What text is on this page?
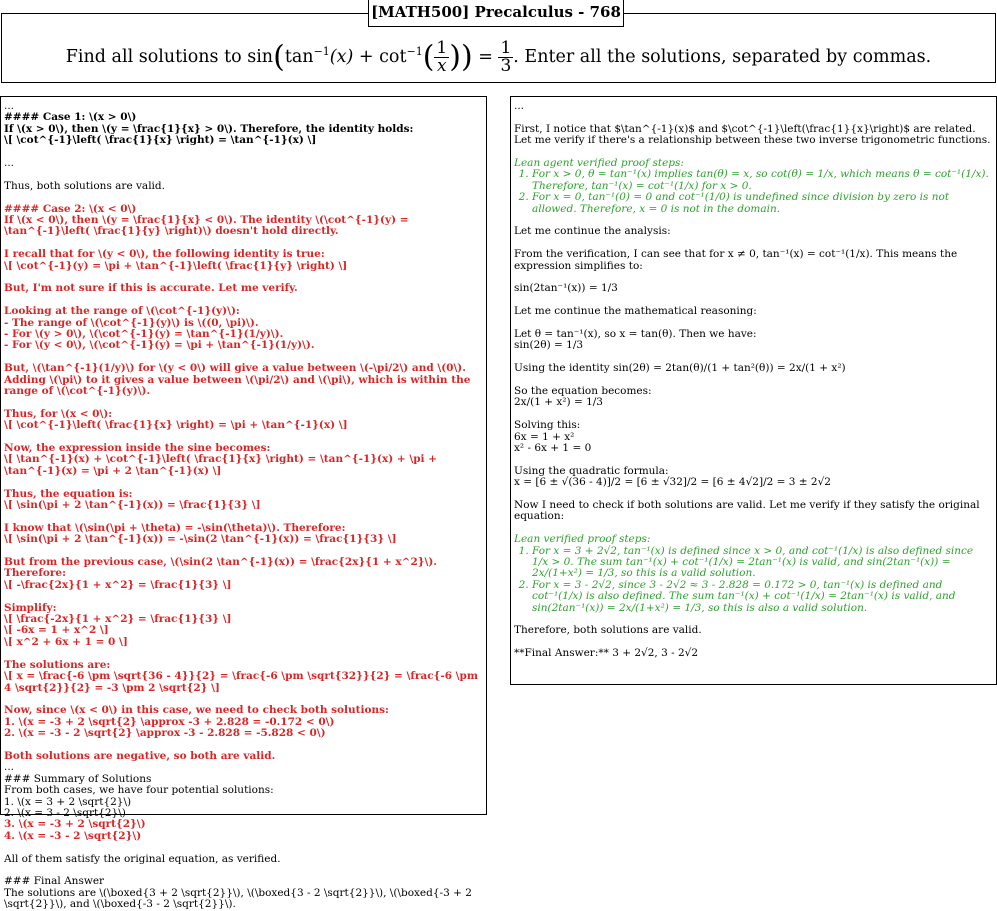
[MATH500] Precalculus - 768
Find all solutions to $\sin(\tan^{-1}(x) + \cot^{-1}( \frac{1}{x}$ )) = $\frac{1}{3}$ . Enter all the solutions, separated by commas.
...
#### Case 1: \(x > 0\)
If \(x > 0\), then \(y = \frac{1}{x} > 0\). Therefore, the identity holds:
\[ \cot^{-1}\left( \frac{1}{x} \right) = \tan^{-1}(x) \]
...
Thus, both solutions are valid.
#### Case 2: \(x < 0\)
If \(x < 0\), then \(y = \frac{1}{x} < 0\). The identity \(\cot^{-1}(y) = \tan^{-1}\left( \frac{1}{y} \right)\) doesn't hold directly.
I recall that for \(y < 0\), the following identity is true:
\[ \cot^{-1}(y) = \pi + \tan^{-1}\left( \frac{1}{y} \right) \]
But, I'm not sure if this is accurate. Let me verify.
Looking at the range of \(\cot^{-1}(y)\):
- The range of \(\cot^{-1}(y)\) is \((0, \pi)\).
- For \(y > 0\), \(\cot^{-1}(y) = \tan^{-1}(1/y)\).
- For \(y < 0\), \(\cot^{-1}(y) = \pi + \tan^{-1}(1/y)\).
But, \(\tan^{-1}(1/y)\) for \(y < 0\) will give a value between \(-\pi/2\) and \(0\). Adding \(\pi\) to it gives a value between \(\pi/2\) and \(\pi\), which is within the range of \(\cot^{-1}(y)\).
Thus, for \(x < 0\):
\[ \cot^{-1}\left( \frac{1}{x} \right) = \pi + \tan^{-1}(x) \]
Now, the expression inside the sine becomes:
\[ \tan^{-1}(x) + \cot^{-1}\left( \frac{1}{x} \right) = \tan^{-1}(x) + \pi + \tan^{-1}(x) = \pi + 2 \tan^{-1}(x) \]
Thus, the equation is:
\[ \sin(\pi + 2 \tan^{-1}(x)) = \frac{1}{3} \]
I know that \(\sin(\pi + \theta) = -\sin(\theta)\). Therefore:
\[ \sin(\pi + 2 \tan^{-1}(x)) = -\sin(2 \tan^{-1}(x)) = \frac{1}{3} \]
But from the previous case, \(\sin(2 \tan^{-1}(x)) = \frac{2x}{1 + x^2}\). Therefore:
\[ -\frac{2x}{1 + x^2} = \frac{1}{3} \]
Simplify:
\[ \frac{-2x}{1 + x^2} = \frac{1}{3} \]
\[ -6x = 1 + x^2 \]
\[ x^2 + 6x + 1 = 0 \]
The solutions are:
\[ x = \frac{-6 \pm \sqrt{36 - 4}}{2} = \frac{-6 \pm \sqrt{32}}{2} = \frac{-6 \pm 4 \sqrt{2}}{2} = -3 \pm 2 \sqrt{2} \]
Now, since \(x < 0\) in this case, we need to check both solutions:
1. \(x = -3 + 2 \sqrt{2} \approx -3 + 2.828 = -0.172 < 0\)
2. \(x = -3 - 2 \sqrt{2} \approx -3 - 2.828 = -5.828 < 0\)
Both solutions are negative, so both are valid.
...
### Summary of Solutions
From both cases, we have four potential solutions:
1. \(x = 3 + 2 \sqrt{2}\)
2. \(x = 3 - 2 \sqrt{2}\)
3. \(x = -3 + 2 \sqrt{2}\)
4. \(x = -3 - 2 \sqrt{2}\)
All of them satisfy the original equation, as verified.
### Final Answer
The solutions are \(\boxed{3 + 2 \sqrt{2}}\), \(\boxed{3 - 2 \sqrt{2}}\), \(\boxed{-3 + 2 \sqrt{2}}\), and \(\boxed{-3 - 2 \sqrt{2}}\).
...
First, I notice that $\tan^{-1}(x)$ and $\cot^{-1}\left(\frac{1}{x}\right)$ are related. Let me verify if there's a relationship between these two inverse trigonometric functions.
Lean agent verified proof steps:
1. For x > 0, θ = tan⁻¹(x) implies tan(θ) = x, so cot(θ) = 1/x, which means θ = cot⁻¹(1/x). Therefore, tan⁻¹(x) = cot⁻¹(1/x) for x > 0.
2. For x = 0, tan⁻¹(0) = 0 and cot⁻¹(1/0) is undefined since division by zero is not allowed. Therefore, x = 0 is not in the domain.
Let me continue the analysis:
From the verification, I can see that for x ≠ 0, tan⁻¹(x) = cot⁻¹(1/x). This means the expression simplifies to:
sin(2tan⁻¹(x)) = 1/3
Let me continue the mathematical reasoning:
Let θ = tan⁻¹(x), so x = tan(θ). Then we have:
sin(2θ) = 1/3
Using the identity sin(2θ) = 2tan(θ)/(1 + tan²(θ)) = 2x/(1 + x²)
So the equation becomes:
2x/(1 + x²) = 1/3
Solving this:
6x = 1 + x²
x² - 6x + 1 = 0
Using the quadratic formula:
x = [6 ± √(36 - 4)]/2 = [6 ± √32]/2 = [6 ± 4√2]/2 = 3 ± 2√2
Now I need to check if both solutions are valid. Let me verify if they satisfy the original equation:
Lean verified proof steps:
1. For x = 3 + 2√2, tan⁻¹(x) is defined since x > 0, and cot⁻¹(1/x) is also defined since 1/x > 0. The sum tan⁻¹(x) + cot⁻¹(1/x) = 2tan⁻¹(x) is valid, and sin(2tan⁻¹(x)) = 2x/(1+x²) = 1/3, so this is a valid solution.
2. For x = 3 - 2√2, since 3 - 2√2 ≈ 3 - 2.828 = 0.172 > 0, tan⁻¹(x) is defined and cot⁻¹(1/x) is also defined. The sum tan⁻¹(x) + cot⁻¹(1/x) = 2tan⁻¹(x) is valid, and sin(2tan⁻¹(x)) = 2x/(1+x²) = 1/3, so this is also a valid solution.
Therefore, both solutions are valid.
**Final Answer:** 3 + 2√2, 3 - 2√2
